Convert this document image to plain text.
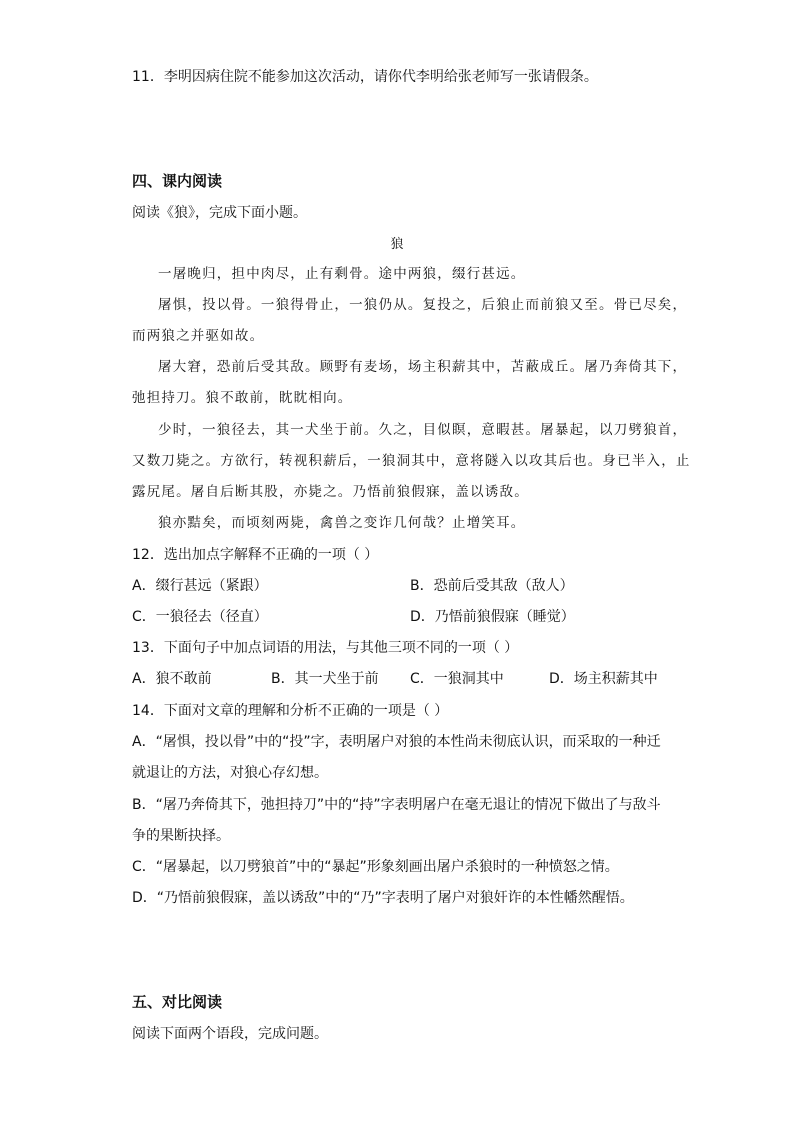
11．李明因病住院不能参加这次活动，请你代李明给张老师写一张请假条。
四、课内阅读
阅读《狼》，完成下面小题。
狼
一屠晚归，担中肉尽，止有剩骨。途中两狼，缀行甚远。
屠惧，投以骨。一狼得骨止，一狼仍从。复投之，后狼止而前狼又至。骨已尽矣，
而两狼之并驱如故。
屠大窘，恐前后受其敌。顾野有麦场，场主积薪其中，苫蔽成丘。屠乃奔倚其下，
弛担持刀。狼不敢前，眈眈相向。
少时，一狼径去，其一犬坐于前。久之，目似瞑，意暇甚。屠暴起，以刀劈狼首，
又数刀毙之。方欲行，转视积薪后，一狼洞其中，意将隧入以攻其后也。身已半入，止
露尻尾。屠自后断其股，亦毙之。乃悟前狼假寐，盖以诱敌。
狼亦黠矣，而顷刻两毙，禽兽之变诈几何哉？止增笑耳。
12．选出加点字解释不正确的一项（ ）
A．缀行甚远（紧跟）	B．恐前后受其敌（敌人）
C．一狼径去（径直）	D．乃悟前狼假寐（睡觉）
13．下面句子中加点词语的用法，与其他三项不同的一项（ ）
A．狼不敢前	B．其一犬坐于前 C．一狼洞其中	D．场主积薪其中
14．下面对文章的理解和分析不正确的一项是（ ）
A．“屠惧，投以骨”中的“投”字，表明屠户对狼的本性尚未彻底认识，而采取的一种迁
就退让的方法，对狼心存幻想。
B．“屠乃奔倚其下，弛担持刀”中的“持”字表明屠户在毫无退让的情况下做出了与敌斗
争的果断抉择。
C．“屠暴起，以刀劈狼首”中的“暴起”形象刻画出屠户杀狼时的一种愤怒之情。
D．“乃悟前狼假寐，盖以诱敌”中的“乃”字表明了屠户对狼奸诈的本性幡然醒悟。
五、对比阅读
阅读下面两个语段，完成问题。
